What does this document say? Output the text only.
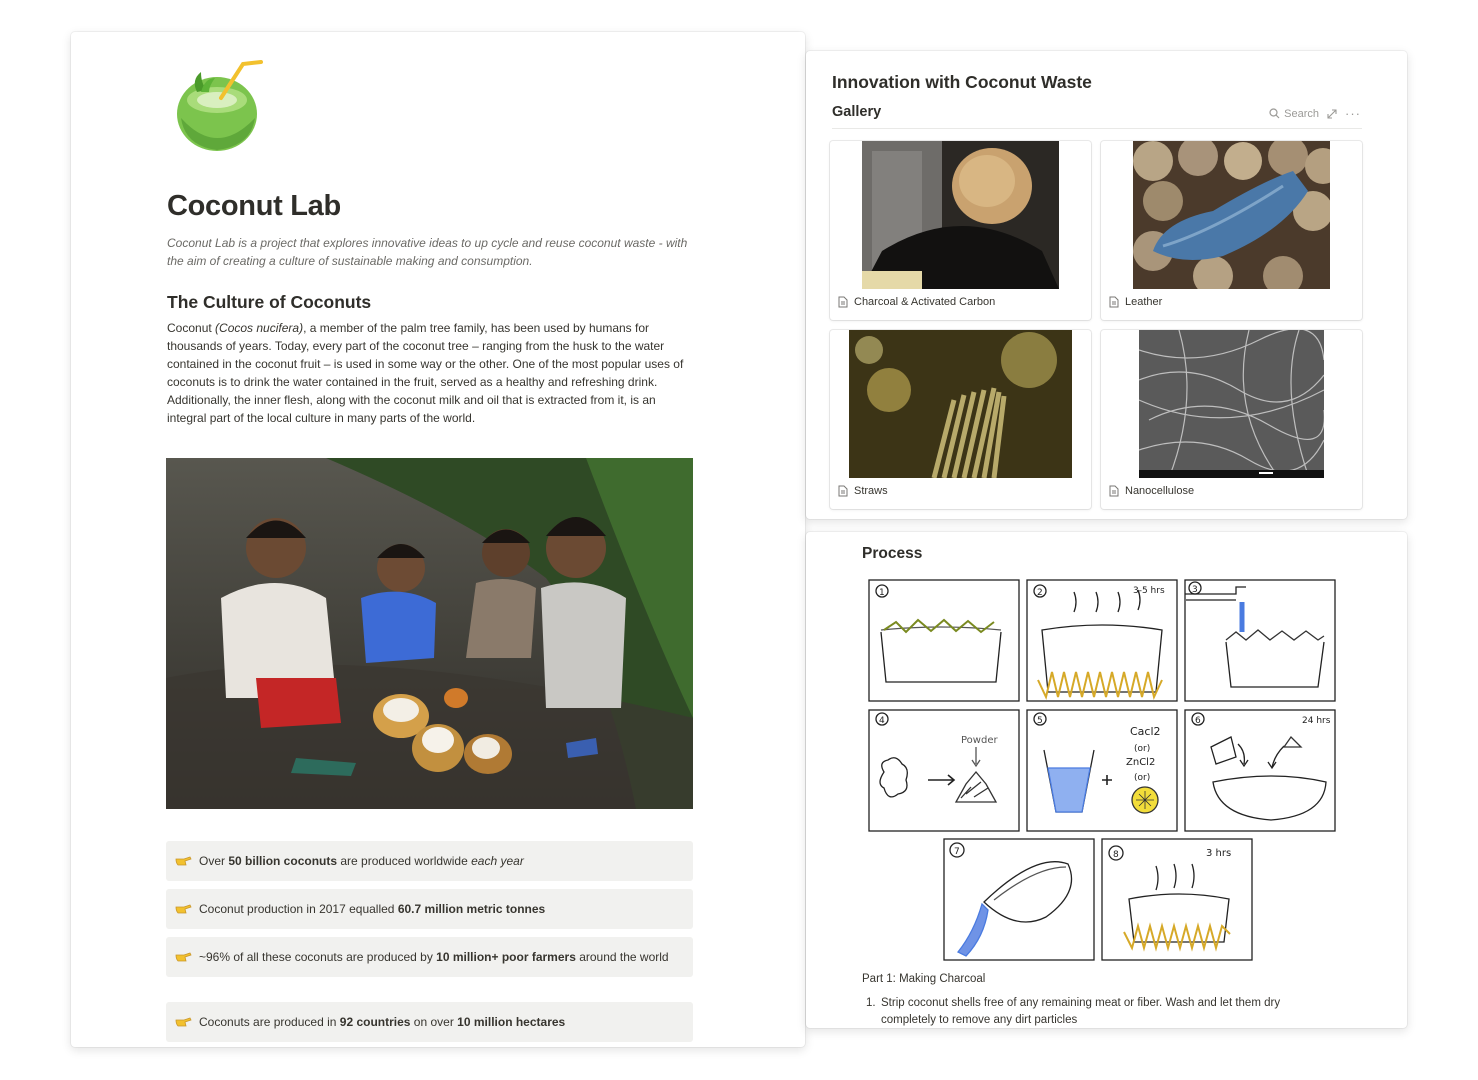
Coconut Lab
Coconut Lab is a project that explores innovative ideas to up cycle and reuse coconut waste - with the aim of creating a culture of sustainable making and consumption.
The Culture of Coconuts
Coconut (Cocos nucifera), a member of the palm tree family, has been used by humans for thousands of years. Today, every part of the coconut tree – ranging from the husk to the water contained in the coconut fruit – is used in some way or the other. One of the most popular uses of coconuts is to drink the water contained in the fruit, served as a healthy and refreshing drink. Additionally, the inner flesh, along with the coconut milk and oil that is extracted from it, is an integral part of the local culture in many parts of the world.
Over 50 billion coconuts are produced worldwide each year
Coconut production in 2017 equalled 60.7 million metric tonnes
~96% of all these coconuts are produced by 10 million+ poor farmers around the world
Coconuts are produced in 92 countries on over 10 million hectares
Innovation with Coconut Waste
Gallery	Search ···
Charcoal & Activated Carbon	Leather
Straws	Nanocellulose
Process
1	2	3-5 hrs	3
4
Powder
5
Cacl2
(or)
ZnCl2
(or)
6	24 hrs
7	8	3 hrs
Part 1: Making Charcoal
1. Strip coconut shells free of any remaining meat or fiber. Wash and let them dry completely to remove any dirt particles
